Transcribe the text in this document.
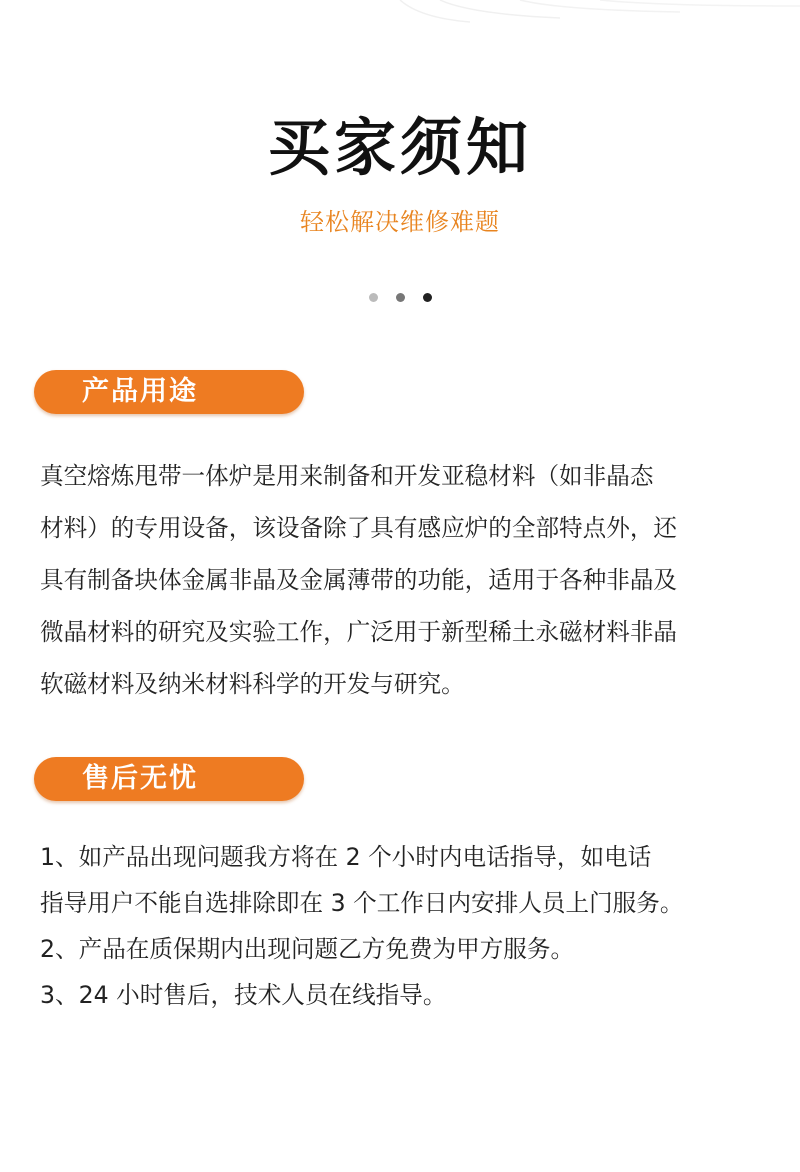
买家须知
轻松解决维修难题
产品用途
真空熔炼甩带一体炉是用来制备和开发亚稳材料（如非晶态
材料）的专用设备，该设备除了具有感应炉的全部特点外，还
具有制备块体金属非晶及金属薄带的功能，适用于各种非晶及
微晶材料的研究及实验工作，广泛用于新型稀土永磁材料非晶
软磁材料及纳米材料科学的开发与研究。
售后无忧
1、如产品出现问题我方将在 2 个小时内电话指导，如电话
指导用户不能自选排除即在 3 个工作日内安排人员上门服务。
2、产品在质保期内出现问题乙方免费为甲方服务。
3、24 小时售后，技术人员在线指导。
